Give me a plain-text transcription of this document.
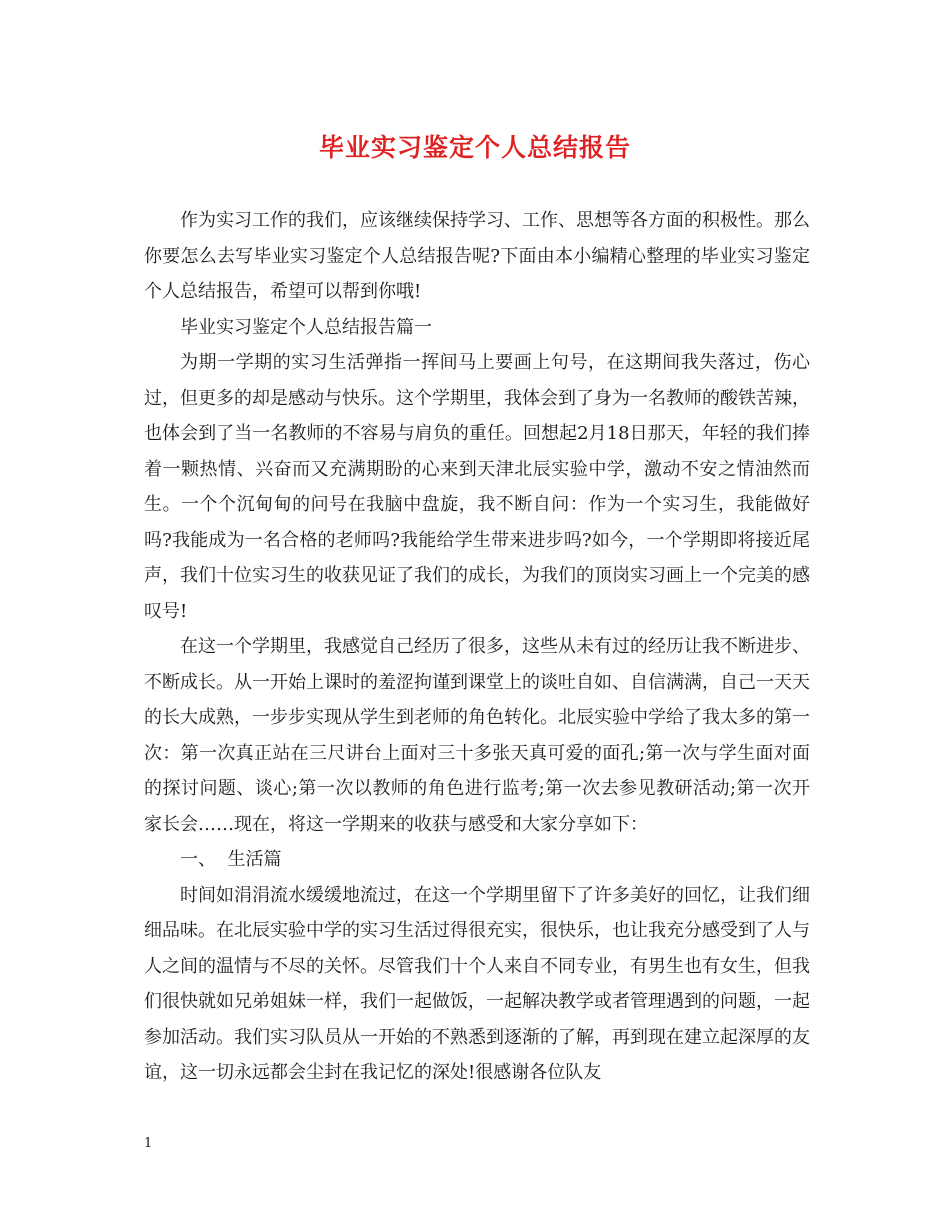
毕业实习鉴定个人总结报告

作为实习工作的我们，应该继续保持学习、工作、思想等各方面的积极性。那么你要怎么去写毕业实习鉴定个人总结报告呢?下面由本小编精心整理的毕业实习鉴定个人总结报告，希望可以帮到你哦!

毕业实习鉴定个人总结报告篇一

为期一学期的实习生活弹指一挥间马上要画上句号，在这期间我失落过，伤心过，但更多的却是感动与快乐。这个学期里，我体会到了身为一名教师的酸铁苦辣，也体会到了当一名教师的不容易与肩负的重任。回想起2月18日那天，年轻的我们捧着一颗热情、兴奋而又充满期盼的心来到天津北辰实验中学，激动不安之情油然而生。一个个沉甸甸的问号在我脑中盘旋，我不断自问：作为一个实习生，我能做好吗?我能成为一名合格的老师吗?我能给学生带来进步吗?如今，一个学期即将接近尾声，我们十位实习生的收获见证了我们的成长，为我们的顶岗实习画上一个完美的感叹号!

在这一个学期里，我感觉自己经历了很多，这些从未有过的经历让我不断进步、不断成长。从一开始上课时的羞涩拘谨到课堂上的谈吐自如、自信满满，自己一天天的长大成熟，一步步实现从学生到老师的角色转化。北辰实验中学给了我太多的第一次：第一次真正站在三尺讲台上面对三十多张天真可爱的面孔;第一次与学生面对面的探讨问题、谈心;第一次以教师的角色进行监考;第一次去参见教研活动;第一次开家长会……现在，将这一学期来的收获与感受和大家分享如下：

一、  生活篇

时间如涓涓流水缓缓地流过，在这一个学期里留下了许多美好的回忆，让我们细细品味。在北辰实验中学的实习生活过得很充实，很快乐，也让我充分感受到了人与人之间的温情与不尽的关怀。尽管我们十个人来自不同专业，有男生也有女生，但我们很快就如兄弟姐妹一样，我们一起做饭，一起解决教学或者管理遇到的问题，一起参加活动。我们实习队员从一开始的不熟悉到逐渐的了解，再到现在建立起深厚的友谊，这一切永远都会尘封在我记忆的深处!很感谢各位队友

1
